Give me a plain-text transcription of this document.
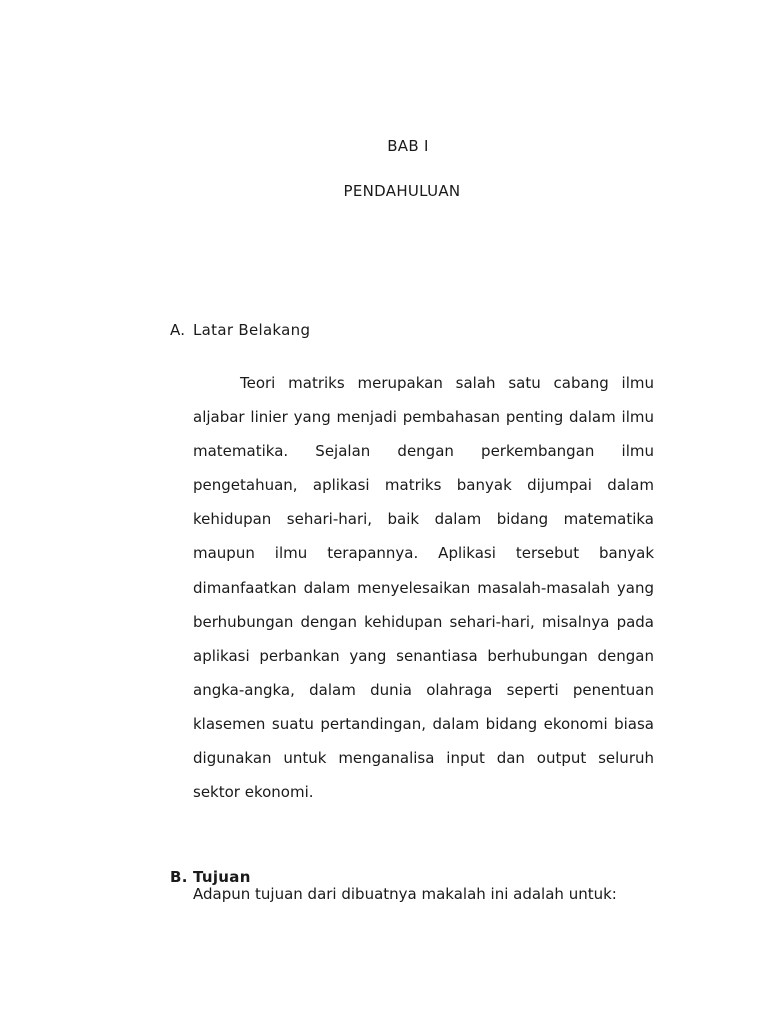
BAB I
PENDAHULUAN
A. Latar Belakang

Teori matriks merupakan salah satu cabang ilmu aljabar linier yang menjadi pembahasan penting dalam ilmu matematika. Sejalan dengan perkembangan ilmu pengetahuan, aplikasi matriks banyak dijumpai dalam kehidupan sehari-hari, baik dalam bidang matematika maupun ilmu terapannya. Aplikasi tersebut banyak dimanfaatkan dalam menyelesaikan masalah-masalah yang berhubungan dengan kehidupan sehari-hari, misalnya pada aplikasi perbankan yang senantiasa berhubungan dengan angka-angka, dalam dunia olahraga seperti penentuan klasemen suatu pertandingan, dalam bidang ekonomi biasa digunakan untuk menganalisa input dan output seluruh sektor ekonomi.

B. Tujuan

Adapun tujuan dari dibuatnya makalah ini adalah untuk:
